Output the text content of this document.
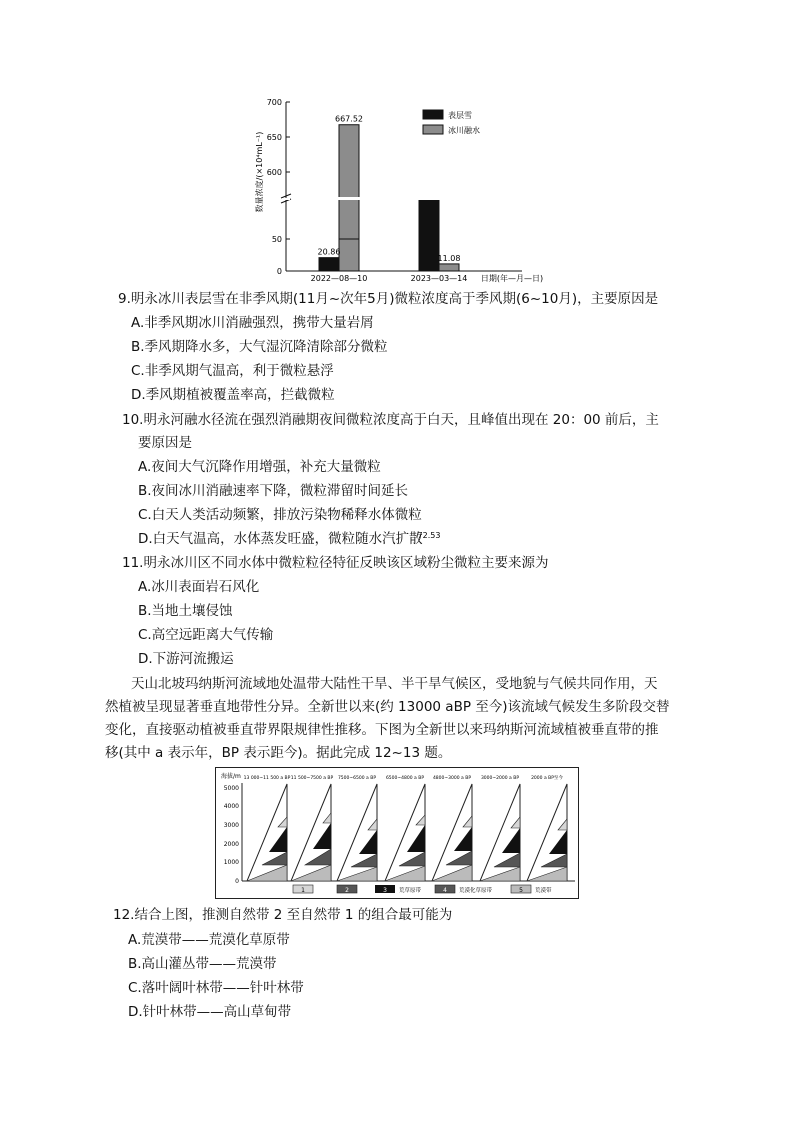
数量浓度/(×10⁴mL⁻¹)
0
50
600
650
700
20.86
667.52
72.53
11.08
2022—08—10	2023—03—14 日期(年—月—日)
表层雪
冰川融水
9.明永冰川表层雪在非季风期(11月~次年5月)微粒浓度高于季风期(6~10月)，主要原因是
A.非季风期冰川消融强烈，携带大量岩屑
B.季风期降水多，大气湿沉降清除部分微粒
C.非季风期气温高，利于微粒悬浮
D.季风期植被覆盖率高，拦截微粒
10.明永河融水径流在强烈消融期夜间微粒浓度高于白天，且峰值出现在 20：00 前后，主
要原因是
A.夜间大气沉降作用增强，补充大量微粒
B.夜间冰川消融速率下降，微粒滞留时间延长
C.白天人类活动频繁，排放污染物稀释水体微粒
D.白天气温高，水体蒸发旺盛，微粒随水汽扩散
11.明永冰川区不同水体中微粒粒径特征反映该区域粉尘微粒主要来源为
A.冰川表面岩石风化
B.当地土壤侵蚀
C.高空远距离大气传输
D.下游河流搬运
天山北坡玛纳斯河流域地处温带大陆性干旱、半干旱气候区，受地貌与气候共同作用，天
然植被呈现显著垂直地带性分异。全新世以来(约 13000 aBP 至今)该流域气候发生多阶段交替
变化，直接驱动植被垂直带界限规律性推移。下图为全新世以来玛纳斯河流域植被垂直带的推
移(其中 a 表示年，BP 表示距今)。据此完成 12~13 题。
海拔/m
5000
4000
3000
2000
1000
0
13 000~11 500 a BP 11 500~7500 a BP 7500~6500 a BP 6500~4800 a BP 4800~3000 a BP 3000~2000 a BP	2000 a BP至今
1	2	3 荒草原带	4 荒漠化草原带	5 荒漠带
12.结合上图，推测自然带 2 至自然带 1 的组合最可能为
A.荒漠带——荒漠化草原带
B.高山灌丛带——荒漠带
C.落叶阔叶林带——针叶林带
D.针叶林带——高山草甸带
